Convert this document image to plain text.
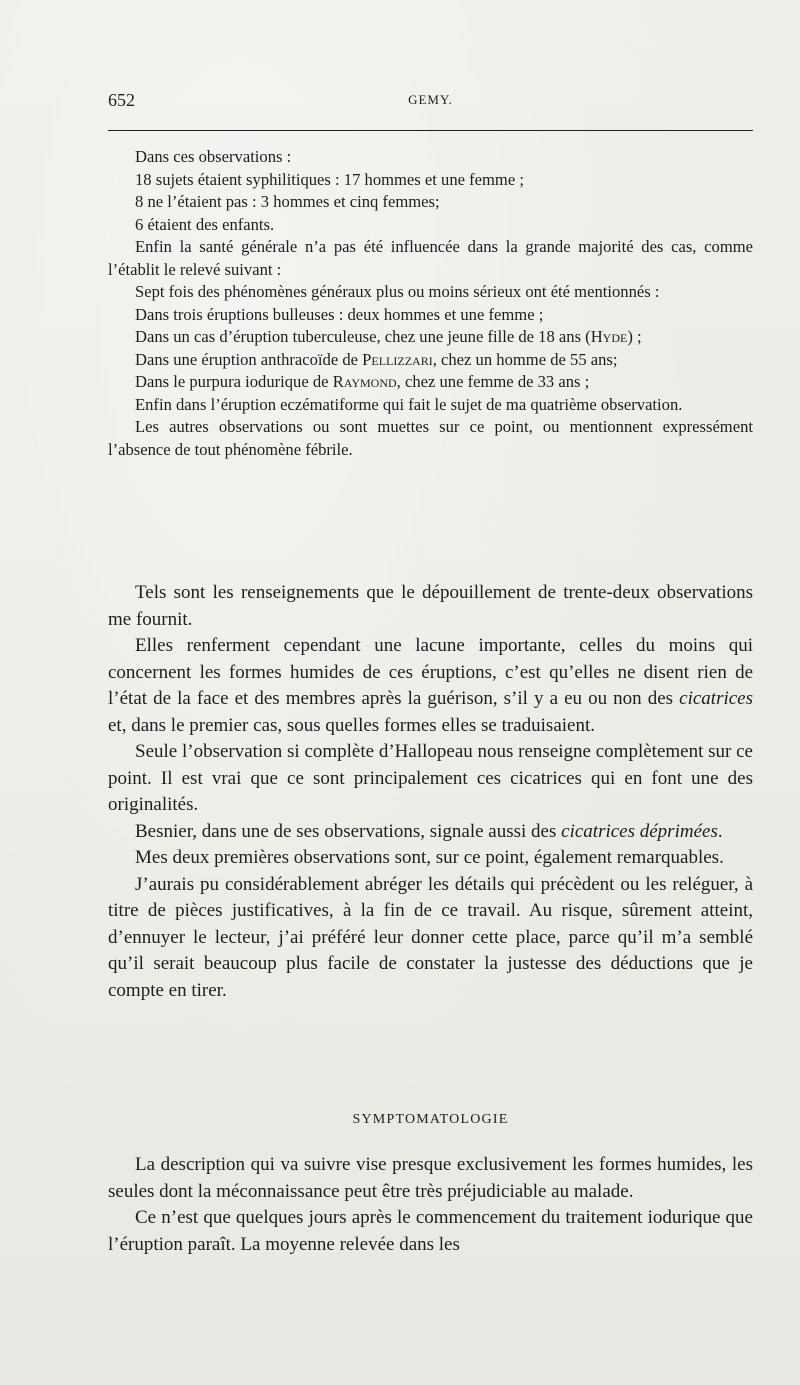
652	GEMY.

Dans ces observations :

18 sujets étaient syphilitiques : 17 hommes et une femme ;

8 ne l’étaient pas : 3 hommes et cinq femmes;

6 étaient des enfants.

Enfin la santé générale n’a pas été influencée dans la grande majorité des cas, comme l’établit le relevé suivant :

Sept fois des phénomènes généraux plus ou moins sérieux ont été mentionnés :

Dans trois éruptions bulleuses : deux hommes et une femme ;

Dans un cas d’éruption tuberculeuse, chez une jeune fille de 18 ans (Hyde) ;

Dans une éruption anthracoïde de Pellizzari, chez un homme de 55 ans;

Dans le purpura iodurique de Raymond, chez une femme de 33 ans ;

Enfin dans l’éruption eczématiforme qui fait le sujet de ma quatrième observation.

Les autres observations ou sont muettes sur ce point, ou mentionnent expressément l’absence de tout phénomène fébrile.

Tels sont les renseignements que le dépouillement de trente-deux observations me fournit.

Elles renferment cependant une lacune importante, celles du moins qui concernent les formes humides de ces éruptions, c’est qu’elles ne disent rien de l’état de la face et des membres après la guérison, s’il y a eu ou non des cicatrices et, dans le premier cas, sous quelles formes elles se traduisaient.

Seule l’observation si complète d’Hallopeau nous renseigne complètement sur ce point. Il est vrai que ce sont principalement ces cicatrices qui en font une des originalités.

Besnier, dans une de ses observations, signale aussi des cicatrices déprimées.

Mes deux premières observations sont, sur ce point, également remarquables.

J’aurais pu considérablement abréger les détails qui précèdent ou les reléguer, à titre de pièces justificatives, à la fin de ce travail. Au risque, sûrement atteint, d’ennuyer le lecteur, j’ai préféré leur donner cette place, parce qu’il m’a semblé qu’il serait beaucoup plus facile de constater la justesse des déductions que je compte en tirer.

SYMPTOMATOLOGIE

La description qui va suivre vise presque exclusivement les formes humides, les seules dont la méconnaissance peut être très préjudiciable au malade.

Ce n’est que quelques jours après le commencement du traitement iodurique que l’éruption paraît. La moyenne relevée dans les
